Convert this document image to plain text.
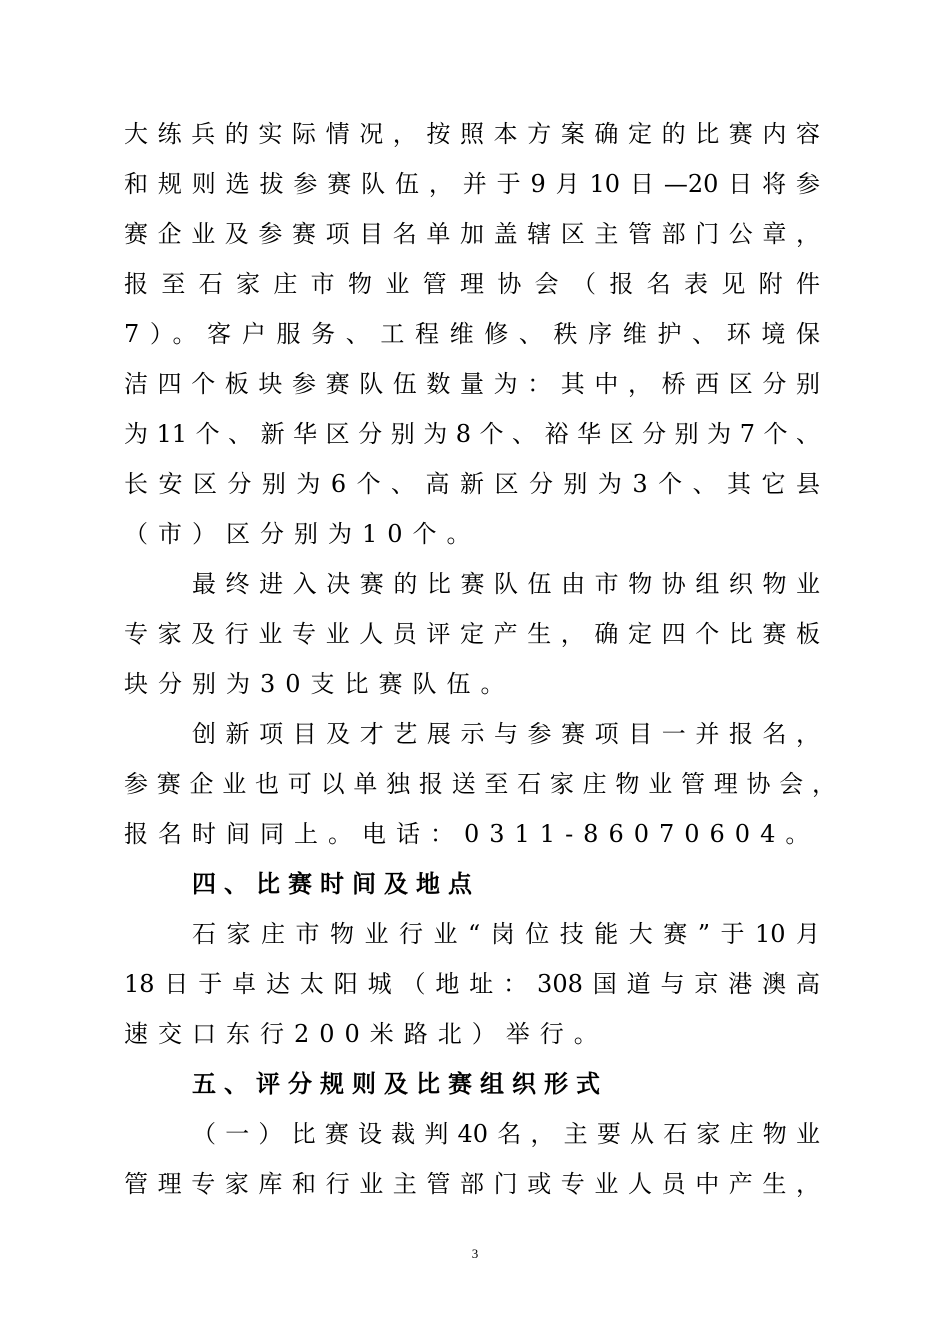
大练兵的实际情况，按照本方案确定的比赛内容
和规则选拔参赛队伍，并于9月10日—20日将参
赛企业及参赛项目名单加盖辖区主管部门公章，
报至石家庄市物业管理协会（报名表见附件
7）。客户服务、工程维修、秩序维护、环境保
洁四个板块参赛队伍数量为：其中，桥西区分别
为11个、新华区分别为8个、裕华区分别为7个、
长安区分别为6个、高新区分别为3个、其它县
（市）区分别为10个。
最终进入决赛的比赛队伍由市物协组织物业
专家及行业专业人员评定产生，确定四个比赛板
块分别为30支比赛队伍。
创新项目及才艺展示与参赛项目一并报名，
参赛企业也可以单独报送至石家庄物业管理协会，
报名时间同上。电话：0311-86070604。
四、比赛时间及地点
石家庄市物业行业“岗位技能大赛”于10月
18日于卓达太阳城（地址：308国道与京港澳高
速交口东行200米路北）举行。
五、评分规则及比赛组织形式
（一）比赛设裁判40名，主要从石家庄物业
管理专家库和行业主管部门或专业人员中产生，
3
